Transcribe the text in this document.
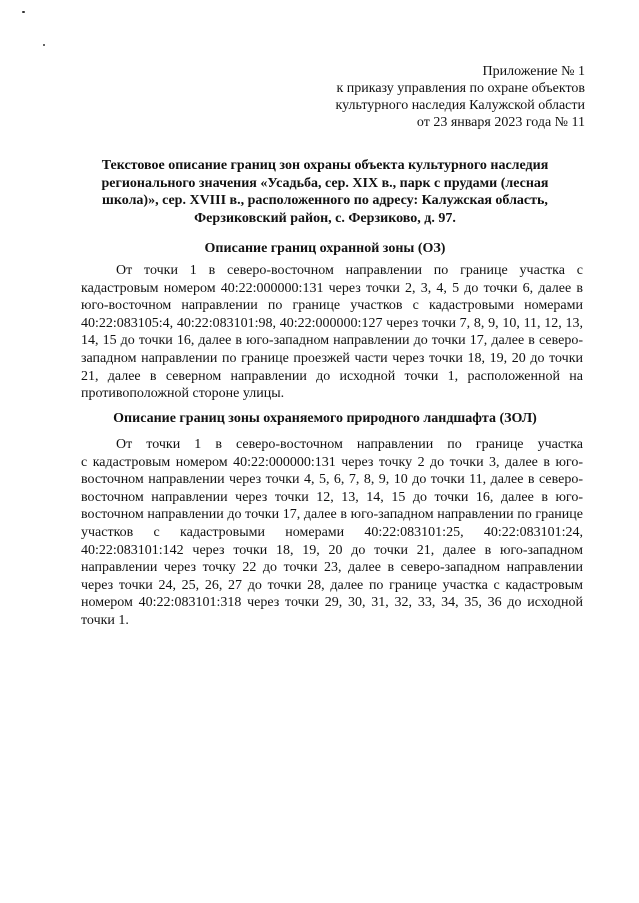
Приложение № 1
к приказу управления по охране объектов
культурного наследия Калужской области
от 23 января 2023 года № 11
Текстовое описание границ зон охраны объекта культурного наследия
регионального значения «Усадьба, сер. XIX в., парк с прудами (лесная
школа)», сер. XVIII в., расположенного по адресу: Калужская область,
Ферзиковский район, с. Ферзиково, д. 97.
Описание границ охранной зоны (ОЗ)
От точки 1 в северо-восточном направлении по границе участка с
кадастровым номером 40:22:000000:131 через точки 2, 3, 4, 5 до точки 6, далее в
юго-восточном направлении по границе участков с кадастровыми номерами
40:22:083105:4, 40:22:083101:98, 40:22:000000:127 через точки 7, 8, 9, 10, 11, 12, 13,
14, 15 до точки 16, далее в юго-западном направлении до точки 17, далее в северо-
западном направлении по границе проезжей части через точки 18, 19, 20 до точки
21, далее в северном направлении до исходной точки 1, расположенной на
противоположной стороне улицы.
Описание границ зоны охраняемого природного ландшафта (ЗОЛ)
От точки 1 в северо-восточном направлении по границе участка
с кадастровым номером 40:22:000000:131 через точку 2 до точки 3, далее в юго-
восточном направлении через точки 4, 5, 6, 7, 8, 9, 10 до точки 11, далее в северо-
восточном направлении через точки 12, 13, 14, 15 до точки 16, далее в юго-
восточном направлении до точки 17, далее в юго-западном направлении по границе
участков с кадастровыми номерами 40:22:083101:25, 40:22:083101:24,
40:22:083101:142 через точки 18, 19, 20 до точки 21, далее в юго-западном
направлении через точку 22 до точки 23, далее в северо-западном направлении
через точки 24, 25, 26, 27 до точки 28, далее по границе участка с кадастровым
номером 40:22:083101:318 через точки 29, 30, 31, 32, 33, 34, 35, 36 до исходной
точки 1.
